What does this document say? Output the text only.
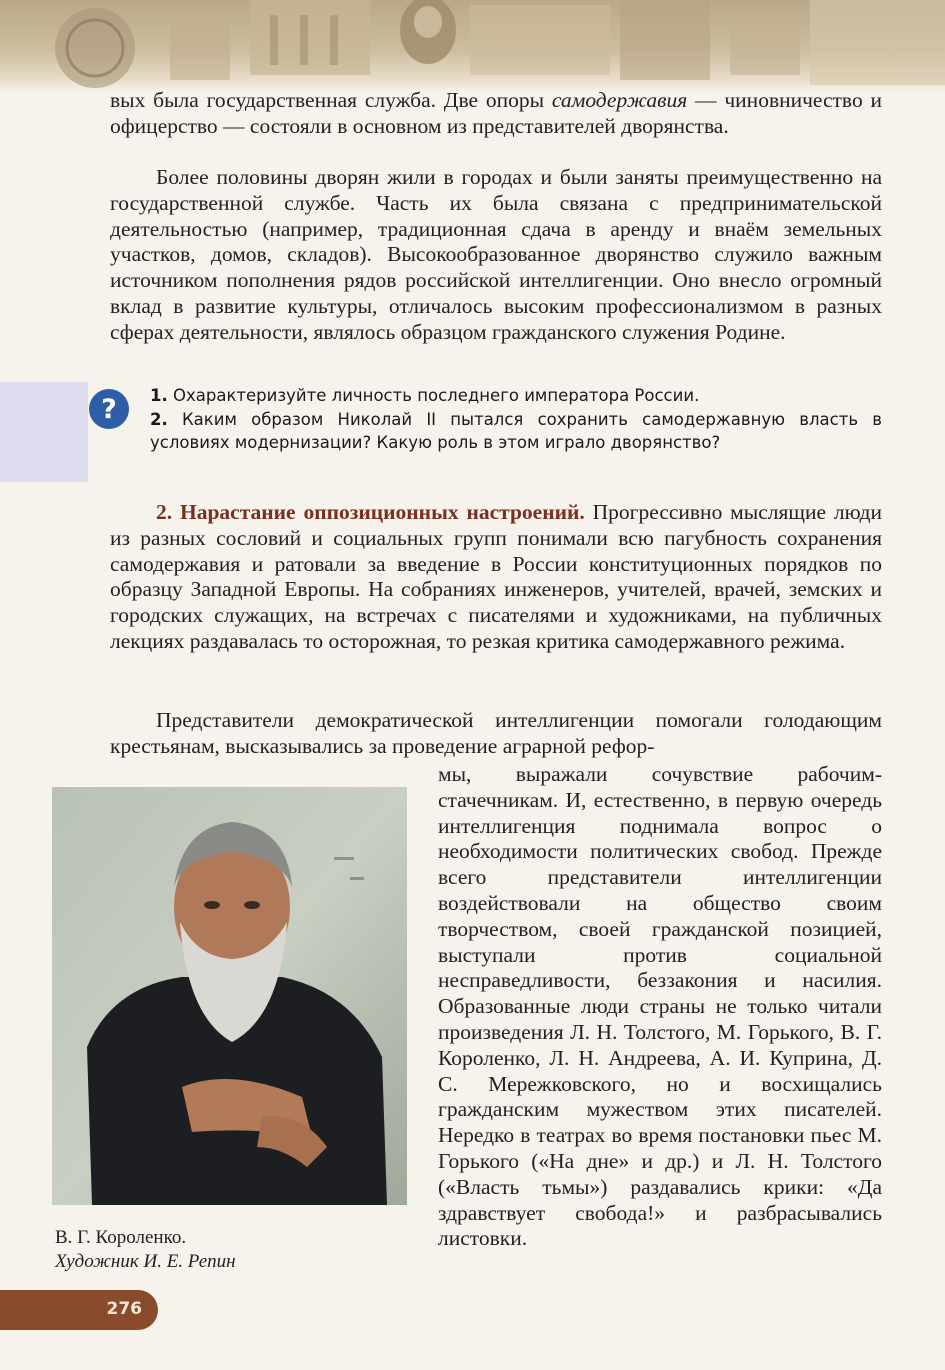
вых была государственная служба. Две опоры самодержавия — чиновничество и офицерство — состояли в основном из представителей дворянства.

Более половины дворян жили в городах и были заняты преимущественно на государственной службе. Часть их была связана с предпринимательской деятельностью (например, традиционная сдача в аренду и внаём земельных участков, домов, складов). Высокообразованное дворянство служило важным источником пополнения рядов российской интеллигенции. Оно внесло огромный вклад в развитие культуры, отличалось высоким профессионализмом в разных сферах деятельности, являлось образцом гражданского служения Родине.

? 1. Охарактеризуйте личность последнего императора России.

2. Каким образом Николай II пытался сохранить самодержавную власть в условиях модернизации? Какую роль в этом играло дворянство?

2. Нарастание оппозиционных настроений. Прогрессивно мыслящие люди из разных сословий и социальных групп понимали всю пагубность сохранения самодержавия и ратовали за введение в России конституционных порядков по образцу Западной Европы. На собраниях инженеров, учителей, врачей, земских и городских служащих, на встречах с писателями и художниками, на публичных лекциях раздавалась то осторожная, то резкая критика самодержавного режима.

Представители демократической интеллигенции помогали голодающим крестьянам, высказывались за проведение аграрной рефор-

мы, выражали сочувствие рабочим-стачечникам. И, естественно, в первую очередь интеллигенция поднимала вопрос о необходимости политических свобод. Прежде всего представители интеллигенции воздействовали на общество своим творчеством, своей гражданской позицией, выступали против социальной несправедливости, беззакония и насилия. Образованные люди страны не только читали произведения Л. Н. Толстого, М. Горького, В. Г. Короленко, Л. Н. Андреева, А. И. Куприна, Д. С. Мережковского, но и восхищались гражданским мужеством этих писателей. Нередко в театрах во время постановки пьес М. Горького («На дне» и др.) и Л. Н. Толстого («Власть тьмы») раздавались крики: «Да здравствует свобода!» и разбрасывались листовки.

В. Г. Короленко.
Художник И. Е. Репин
276
